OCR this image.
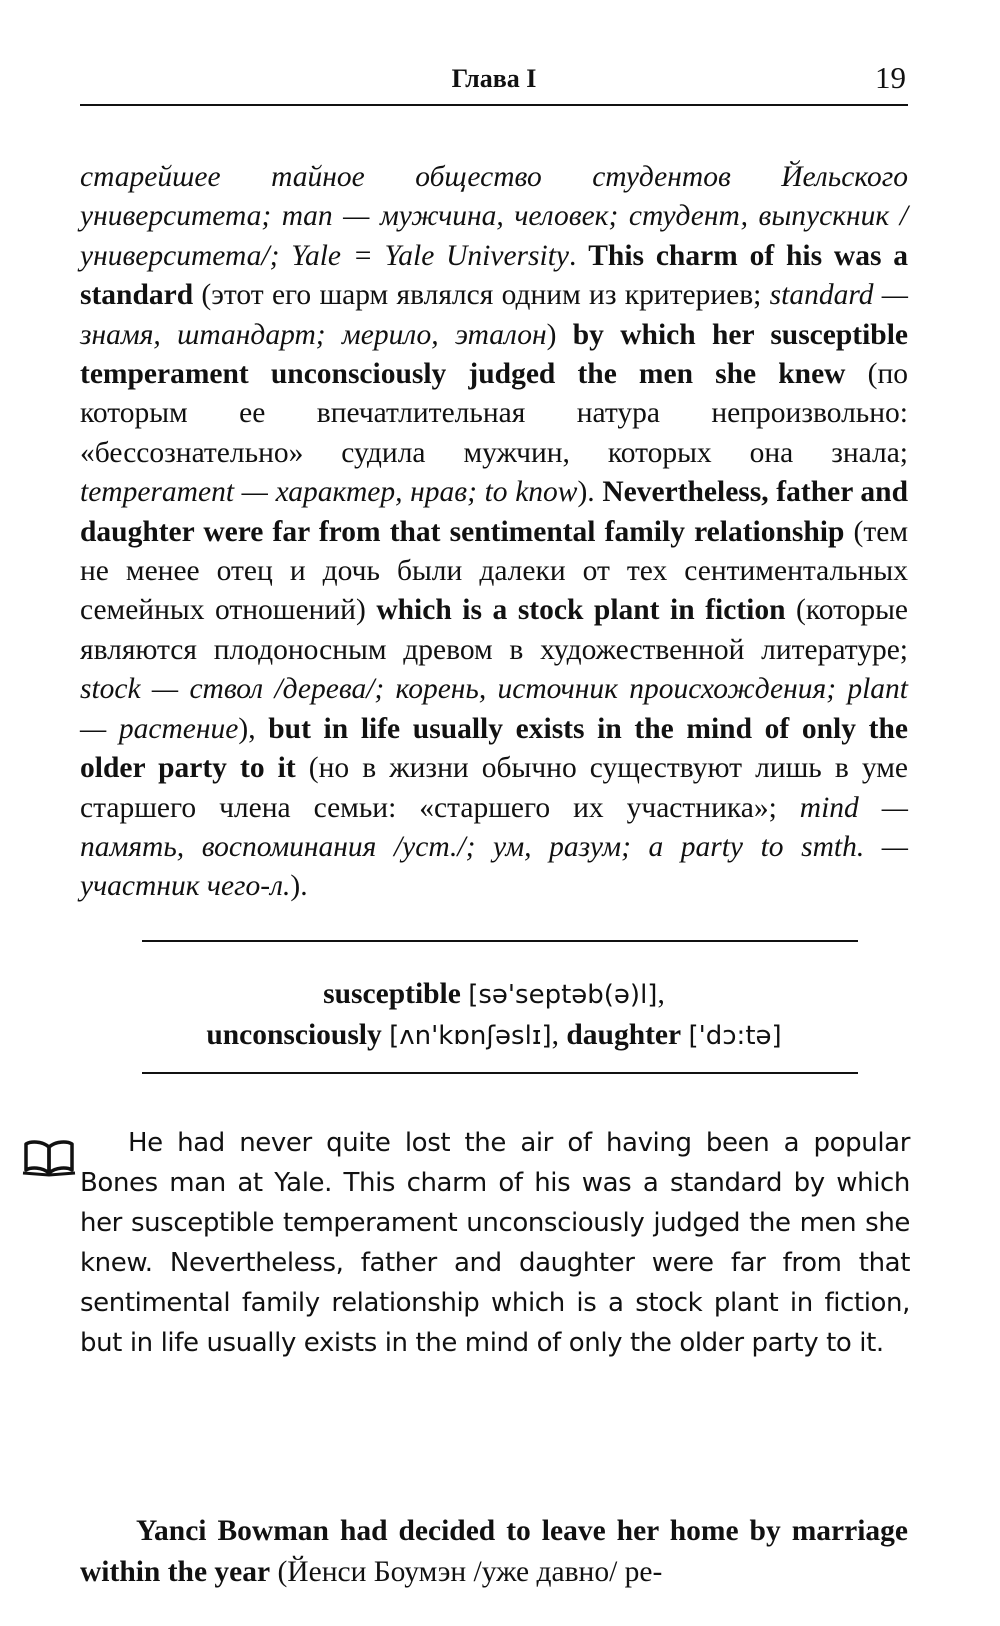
Глава I	19
старейшее тайное общество студентов Йельского университета; man — мужчина, человек; студент, выпускник /университета/; Yale = Yale University. This charm of his was a standard (этот его шарм являлся одним из критериев; standard — знамя, штандарт; мерило, эталон) by which her susceptible temperament unconsciously judged the men she knew (по которым ее впечатлительная натура непроизвольно: «бессознательно» судила мужчин, которых она знала; temperament — характер, нрав; to know). Nevertheless, father and daughter were far from that sentimental family relationship (тем не менее отец и дочь были далеки от тех сентиментальных семейных отношений) which is a stock plant in fiction (которые являются плодоносным древом в художественной литературе; stock — ствол /дерева/; корень, источник происхождения; plant — растение), but in life usually exists in the mind of only the older party to it (но в жизни обычно существуют лишь в уме старшего члена семьи: «старшего их участника»; mind — память, воспоминания /уст./; ум, разум; a party to smth. — участник чего-л.).
susceptible [sə'septəb(ə)l],
unconsciously [ʌn'kɒnʃəslɪ], daughter ['dɔ:tə]
He had never quite lost the air of having been a popular Bones man at Yale. This charm of his was a standard by which her susceptible temperament unconsciously judged the men she knew. Nevertheless, father and daughter were far from that sentimental family relationship which is a stock plant in fiction, but in life usually exists in the mind of only the older party to it.
Yanci Bowman had decided to leave her home by marriage within the year (Йенси Боумэн /уже давно/ ре-
